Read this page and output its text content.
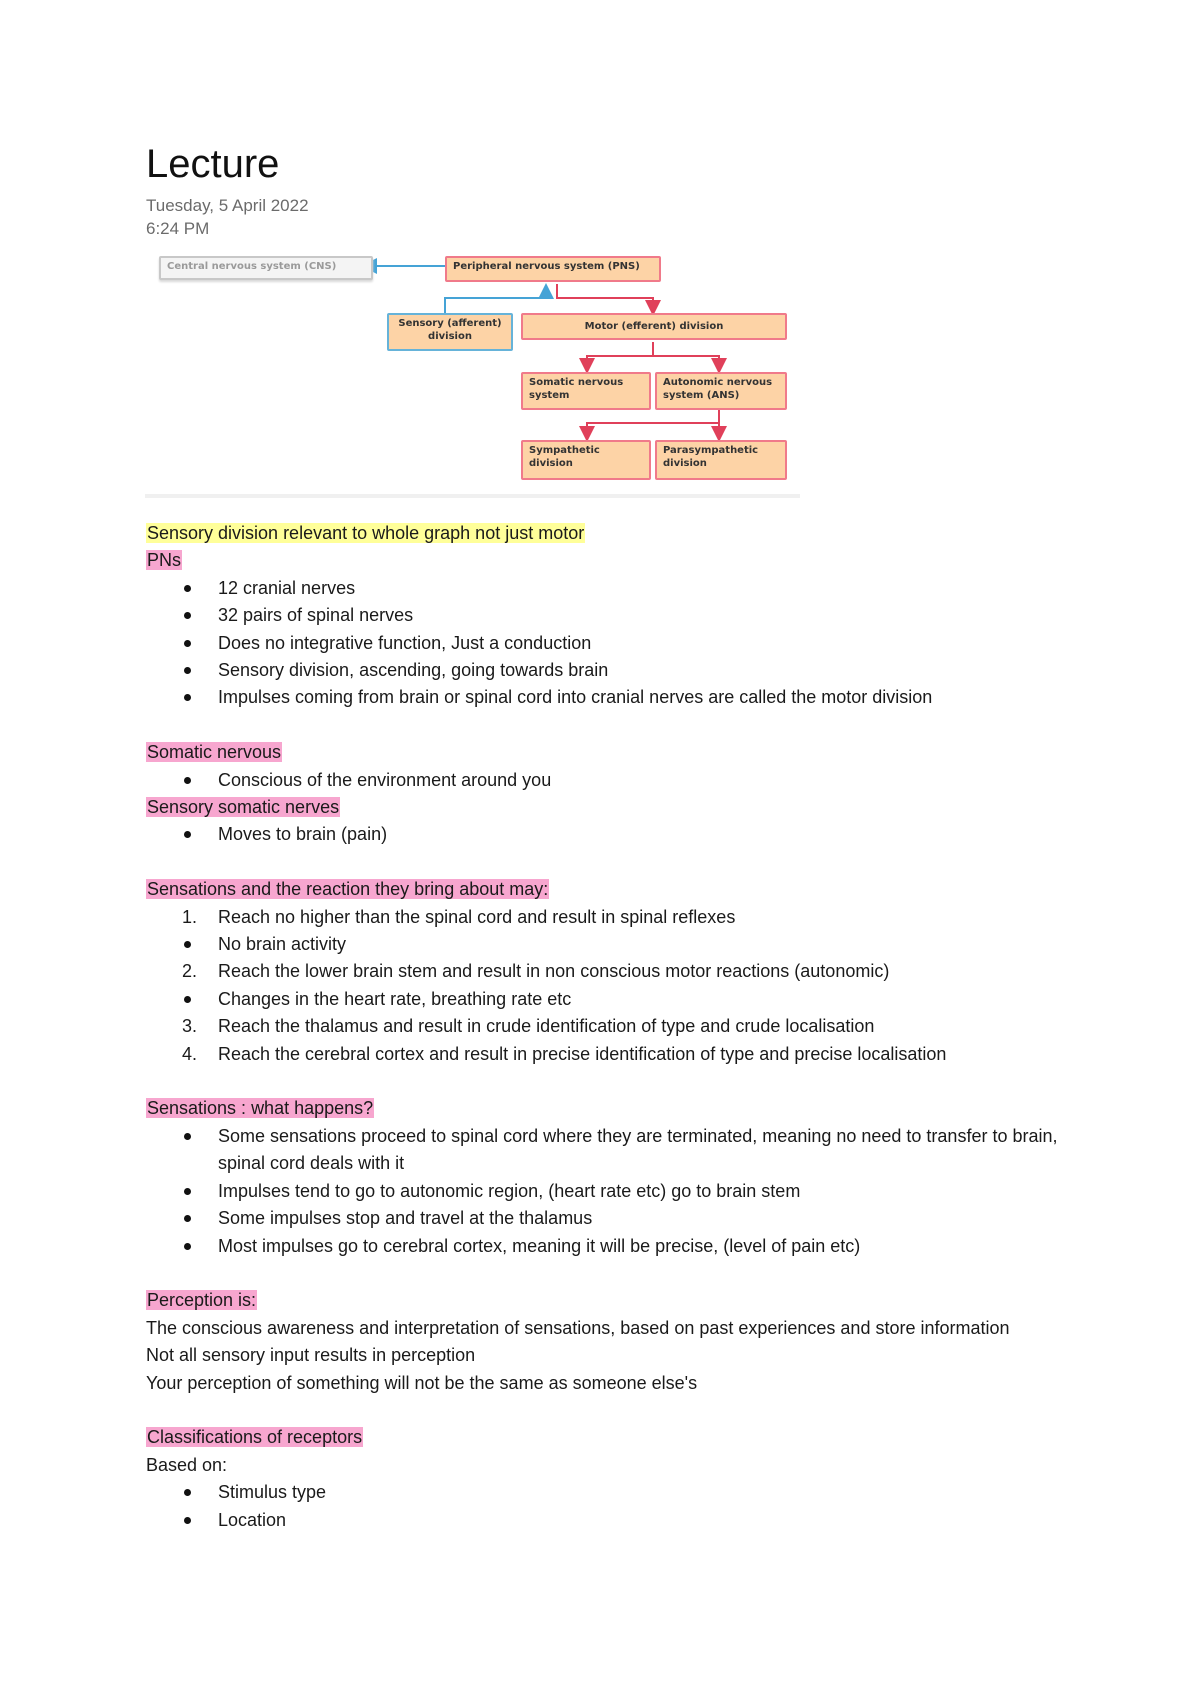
Lecture
Tuesday, 5 April 2022
6:24 PM
Central nervous system (CNS)	Peripheral nervous system (PNS)
Sensory (afferent) division
Motor (efferent) division
Somatic nervous system
Autonomic nervous system (ANS)
Sympathetic division
Parasympathetic division
Sensory division relevant to whole graph not just motor
PNs
12 cranial nerves
32 pairs of spinal nerves
Does no integrative function, Just a conduction
Sensory division, ascending, going towards brain
Impulses coming from brain or spinal cord into cranial nerves are called the motor division
Somatic nervous
Conscious of the environment around you
Sensory somatic nerves
Moves to brain (pain)
Sensations and the reaction they bring about may:
1.	Reach no higher than the spinal cord and result in spinal reflexes
No brain activity
2.	Reach the lower brain stem and result in non conscious motor reactions (autonomic)
Changes in the heart rate, breathing rate etc
3.	Reach the thalamus and result in crude identification of type and crude localisation
4.	Reach the cerebral cortex and result in precise identification of type and precise localisation
Sensations : what happens?
Some sensations proceed to spinal cord where they are terminated, meaning no need to transfer to brain, spinal cord deals with it
Impulses tend to go to autonomic region, (heart rate etc) go to brain stem
Some impulses stop and travel at the thalamus
Most impulses go to cerebral cortex, meaning it will be precise, (level of pain etc)
Perception is:

The conscious awareness and interpretation of sensations, based on past experiences and store information

Not all sensory input results in perception

Your perception of something will not be the same as someone else's

Classifications of receptors

Based on:

Stimulus type
Location
